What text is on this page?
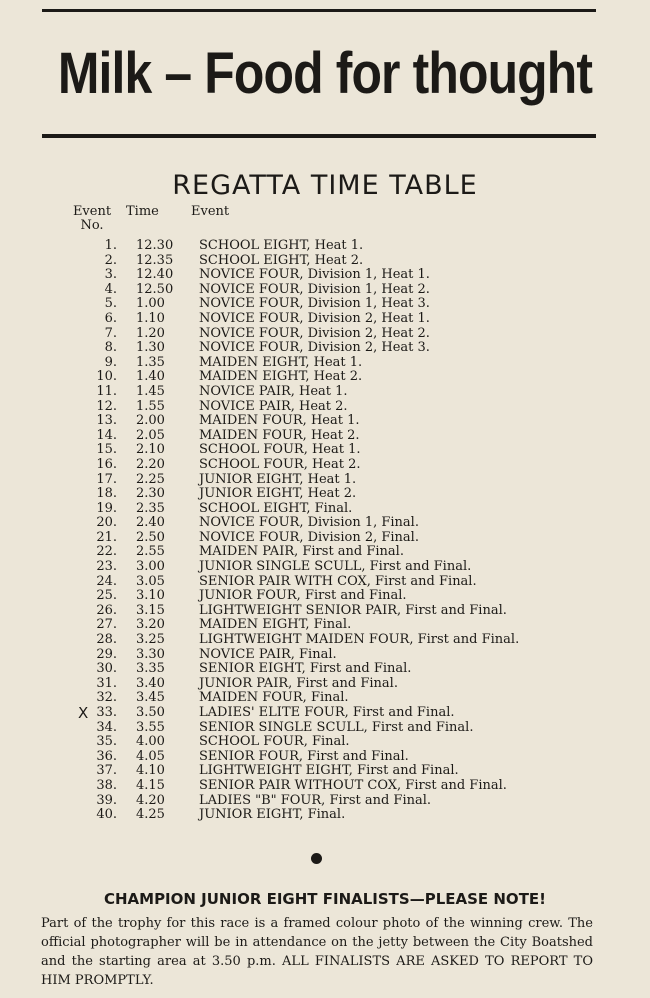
Milk – Food for thought
REGATTA TIME TABLE
Event No.
Time Event
1. 12.30 SCHOOL EIGHT, Heat 1.
2. 12.35 SCHOOL EIGHT, Heat 2.
3. 12.40 NOVICE FOUR, Division 1, Heat 1.
4. 12.50 NOVICE FOUR, Division 1, Heat 2.
5. 1.00	NOVICE FOUR, Division 1, Heat 3.
6. 1.10	NOVICE FOUR, Division 2, Heat 1.
7. 1.20	NOVICE FOUR, Division 2, Heat 2.
8. 1.30	NOVICE FOUR, Division 2, Heat 3.
9. 1.35	MAIDEN EIGHT, Heat 1.
10. 1.40	MAIDEN EIGHT, Heat 2.
11. 1.45	NOVICE PAIR, Heat 1.
12. 1.55	NOVICE PAIR, Heat 2.
13. 2.00	MAIDEN FOUR, Heat 1.
14. 2.05	MAIDEN FOUR, Heat 2.
15. 2.10	SCHOOL FOUR, Heat 1.
16. 2.20	SCHOOL FOUR, Heat 2.
17. 2.25	JUNIOR EIGHT, Heat 1.
18. 2.30	JUNIOR EIGHT, Heat 2.
19. 2.35	SCHOOL EIGHT, Final.
20. 2.40	NOVICE FOUR, Division 1, Final.
21. 2.50	NOVICE FOUR, Division 2, Final.
22. 2.55	MAIDEN PAIR, First and Final.
23. 3.00	JUNIOR SINGLE SCULL, First and Final.
24. 3.05	SENIOR PAIR WITH COX, First and Final.
25. 3.10	JUNIOR FOUR, First and Final.
26. 3.15	LIGHTWEIGHT SENIOR PAIR, First and Final.
27. 3.20	MAIDEN EIGHT, Final.
28. 3.25	LIGHTWEIGHT MAIDEN FOUR, First and Final.
29. 3.30	NOVICE PAIR, Final.
30. 3.35	SENIOR EIGHT, First and Final.
31. 3.40	JUNIOR PAIR, First and Final.
32. 3.45	MAIDEN FOUR, Final.
X 33. 3.50	LADIES' ELITE FOUR, First and Final.
34. 3.55	SENIOR SINGLE SCULL, First and Final.
35. 4.00	SCHOOL FOUR, Final.
36. 4.05	SENIOR FOUR, First and Final.
37. 4.10	LIGHTWEIGHT EIGHT, First and Final.
38. 4.15	SENIOR PAIR WITHOUT COX, First and Final.
39. 4.20	LADIES "B" FOUR, First and Final.
40. 4.25	JUNIOR EIGHT, Final.
CHAMPION JUNIOR EIGHT FINALISTS—PLEASE NOTE!
Part of the trophy for this race is a framed colour photo of the winning crew. The official photographer will be in attendance on the jetty between the City Boatshed and the starting area at 3.50 p.m. ALL FINALISTS ARE ASKED TO REPORT TO HIM PROMPTLY.
